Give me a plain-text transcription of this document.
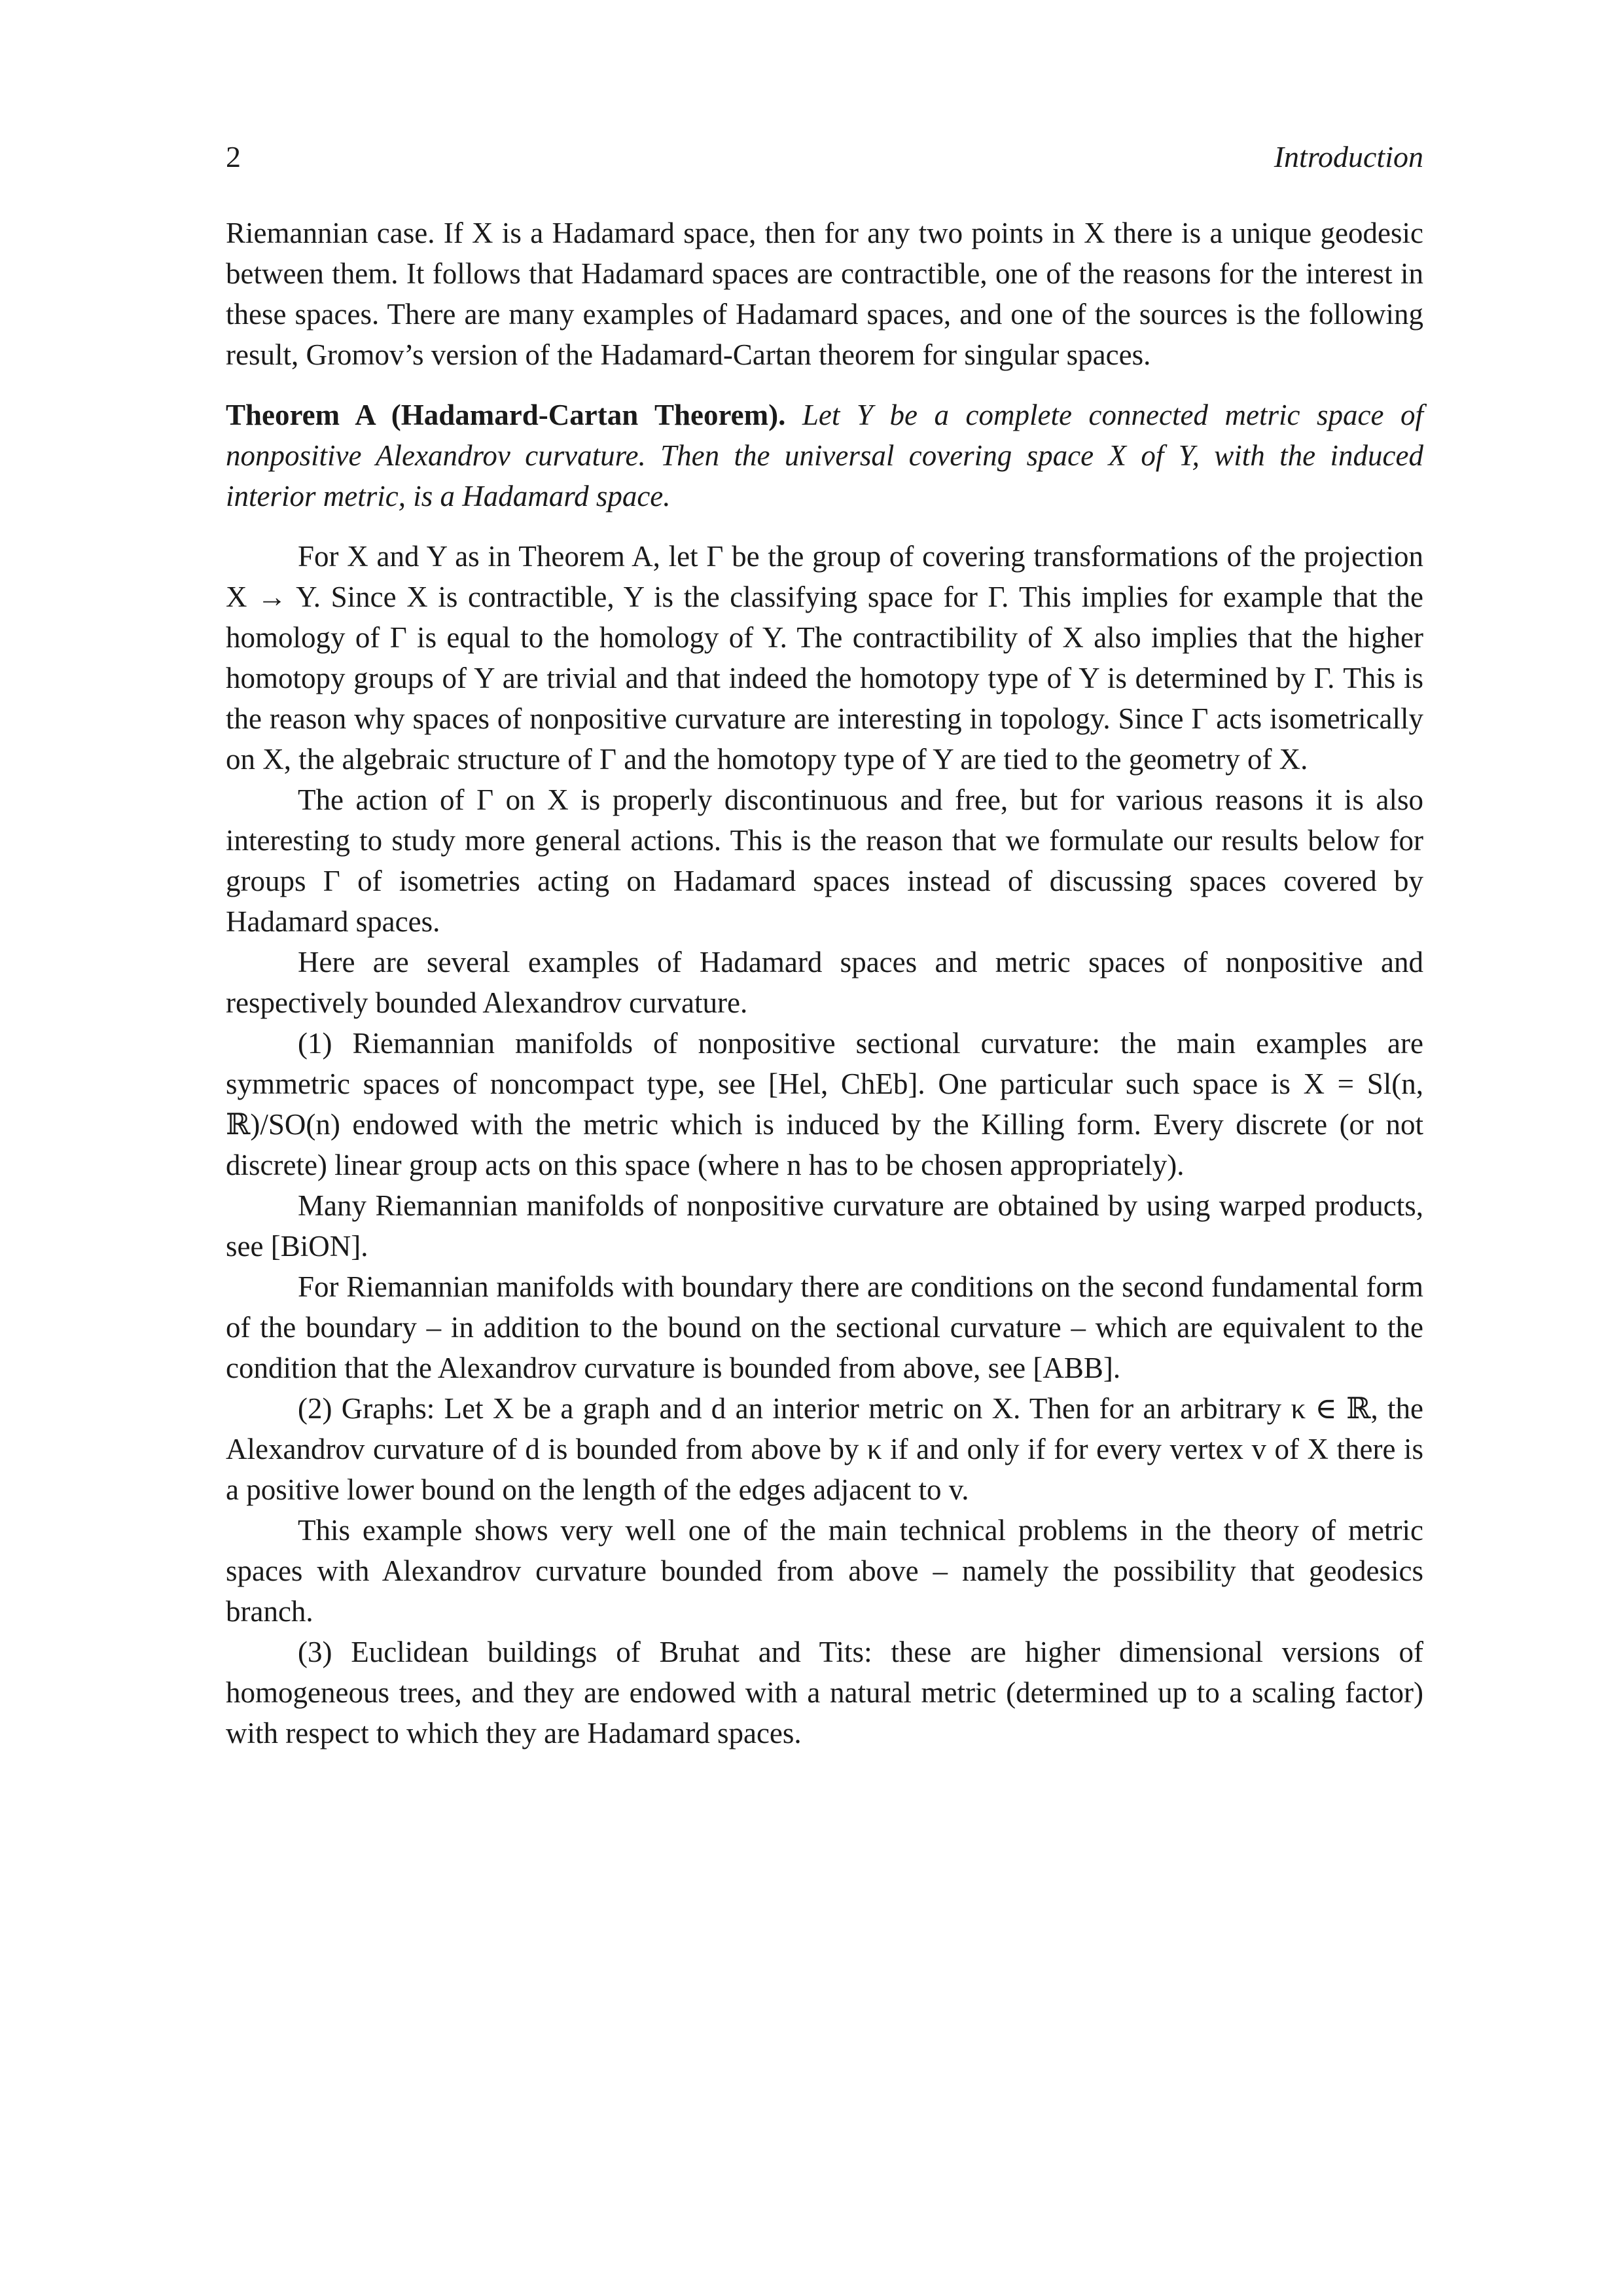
2	Introduction

Riemannian case. If X is a Hadamard space, then for any two points in X there is a unique geodesic between them. It follows that Hadamard spaces are contractible, one of the reasons for the interest in these spaces. There are many examples of Hadamard spaces, and one of the sources is the following result, Gromov’s version of the Hadamard-Cartan theorem for singular spaces.

Theorem A (Hadamard-Cartan Theorem). Let Y be a complete connected metric space of nonpositive Alexandrov curvature. Then the universal covering space X of Y, with the induced interior metric, is a Hadamard space.

For X and Y as in Theorem A, let Γ be the group of covering transformations of the projection X → Y. Since X is contractible, Y is the classifying space for Γ. This implies for example that the homology of Γ is equal to the homology of Y. The contractibility of X also implies that the higher homotopy groups of Y are trivial and that indeed the homotopy type of Y is determined by Γ. This is the reason why spaces of nonpositive curvature are interesting in topology. Since Γ acts isometrically on X, the algebraic structure of Γ and the homotopy type of Y are tied to the geometry of X.

The action of Γ on X is properly discontinuous and free, but for various reasons it is also interesting to study more general actions. This is the reason that we formulate our results below for groups Γ of isometries acting on Hadamard spaces instead of discussing spaces covered by Hadamard spaces.

Here are several examples of Hadamard spaces and metric spaces of nonpositive and respectively bounded Alexandrov curvature.

(1) Riemannian manifolds of nonpositive sectional curvature: the main examples are symmetric spaces of noncompact type, see [Hel, ChEb]. One particular such space is X = Sl(n, ℝ)/SO(n) endowed with the metric which is induced by the Killing form. Every discrete (or not discrete) linear group acts on this space (where n has to be chosen appropriately).

Many Riemannian manifolds of nonpositive curvature are obtained by using warped products, see [BiON].

For Riemannian manifolds with boundary there are conditions on the second fundamental form of the boundary – in addition to the bound on the sectional curvature – which are equivalent to the condition that the Alexandrov curvature is bounded from above, see [ABB].

(2) Graphs: Let X be a graph and d an interior metric on X. Then for an arbitrary κ ∈ ℝ, the Alexandrov curvature of d is bounded from above by κ if and only if for every vertex v of X there is a positive lower bound on the length of the edges adjacent to v.

This example shows very well one of the main technical problems in the theory of metric spaces with Alexandrov curvature bounded from above – namely the possibility that geodesics branch.

(3) Euclidean buildings of Bruhat and Tits: these are higher dimensional versions of homogeneous trees, and they are endowed with a natural metric (determined up to a scaling factor) with respect to which they are Hadamard spaces.
